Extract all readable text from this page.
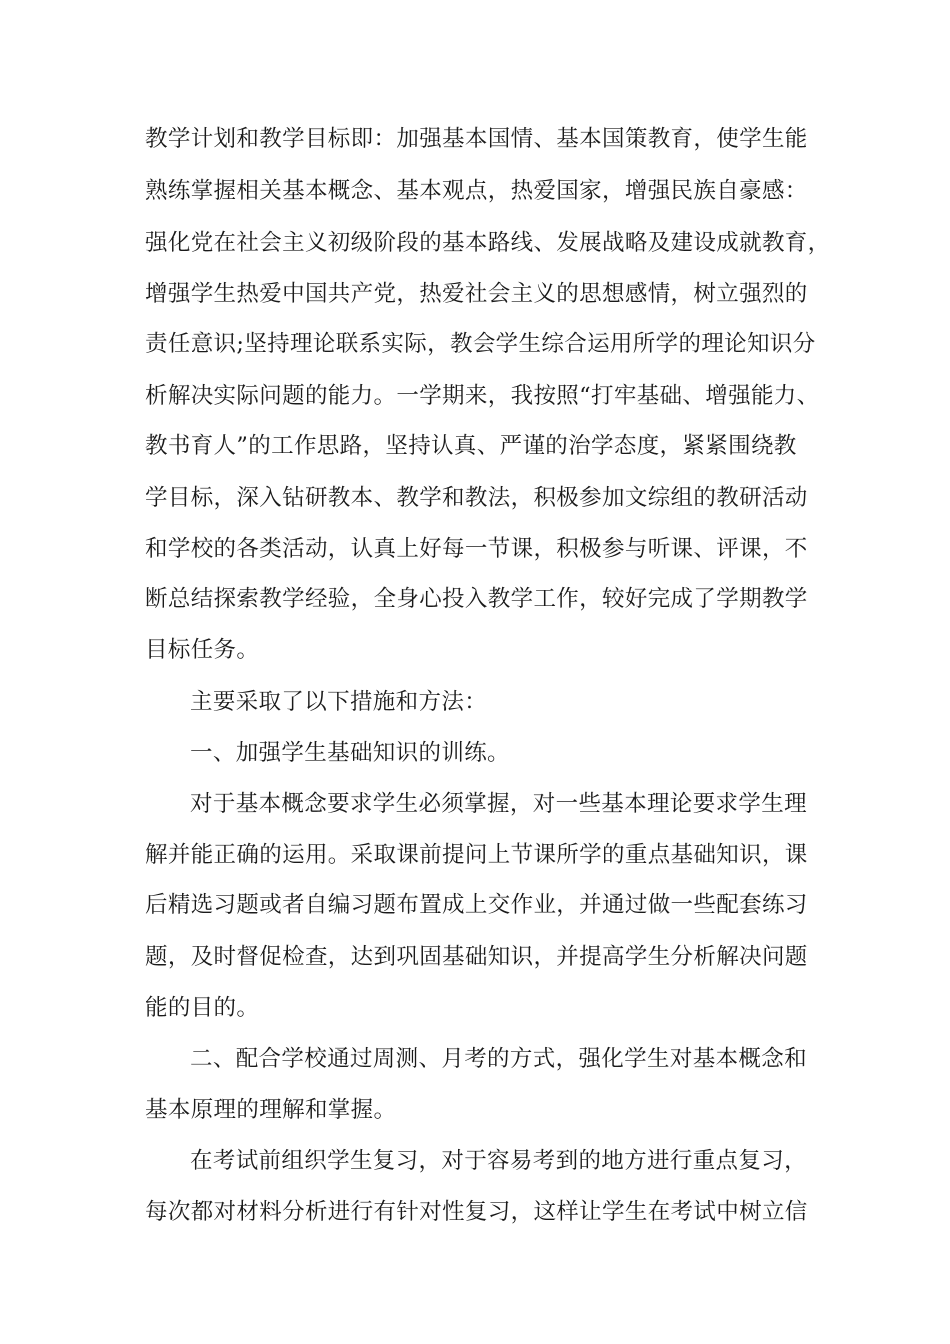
教学计划和教学目标即：加强基本国情、基本国策教育，使学生能
熟练掌握相关基本概念、基本观点，热爱国家，增强民族自豪感：
强化党在社会主义初级阶段的基本路线、发展战略及建设成就教育，
增强学生热爱中国共产党，热爱社会主义的思想感情，树立强烈的
责任意识;坚持理论联系实际，教会学生综合运用所学的理论知识分
析解决实际问题的能力。一学期来，我按照“打牢基础、增强能力、
教书育人”的工作思路，坚持认真、严谨的治学态度，紧紧围绕教
学目标，深入钻研教本、教学和教法，积极参加文综组的教研活动
和学校的各类活动，认真上好每一节课，积极参与听课、评课，不
断总结探索教学经验，全身心投入教学工作，较好完成了学期教学
目标任务。
主要采取了以下措施和方法：
一、加强学生基础知识的训练。
对于基本概念要求学生必须掌握，对一些基本理论要求学生理
解并能正确的运用。采取课前提问上节课所学的重点基础知识，课
后精选习题或者自编习题布置成上交作业，并通过做一些配套练习
题，及时督促检查，达到巩固基础知识，并提高学生分析解决问题
能的目的。
二、配合学校通过周测、月考的方式，强化学生对基本概念和
基本原理的理解和掌握。
在考试前组织学生复习，对于容易考到的地方进行重点复习，
每次都对材料分析进行有针对性复习，这样让学生在考试中树立信
